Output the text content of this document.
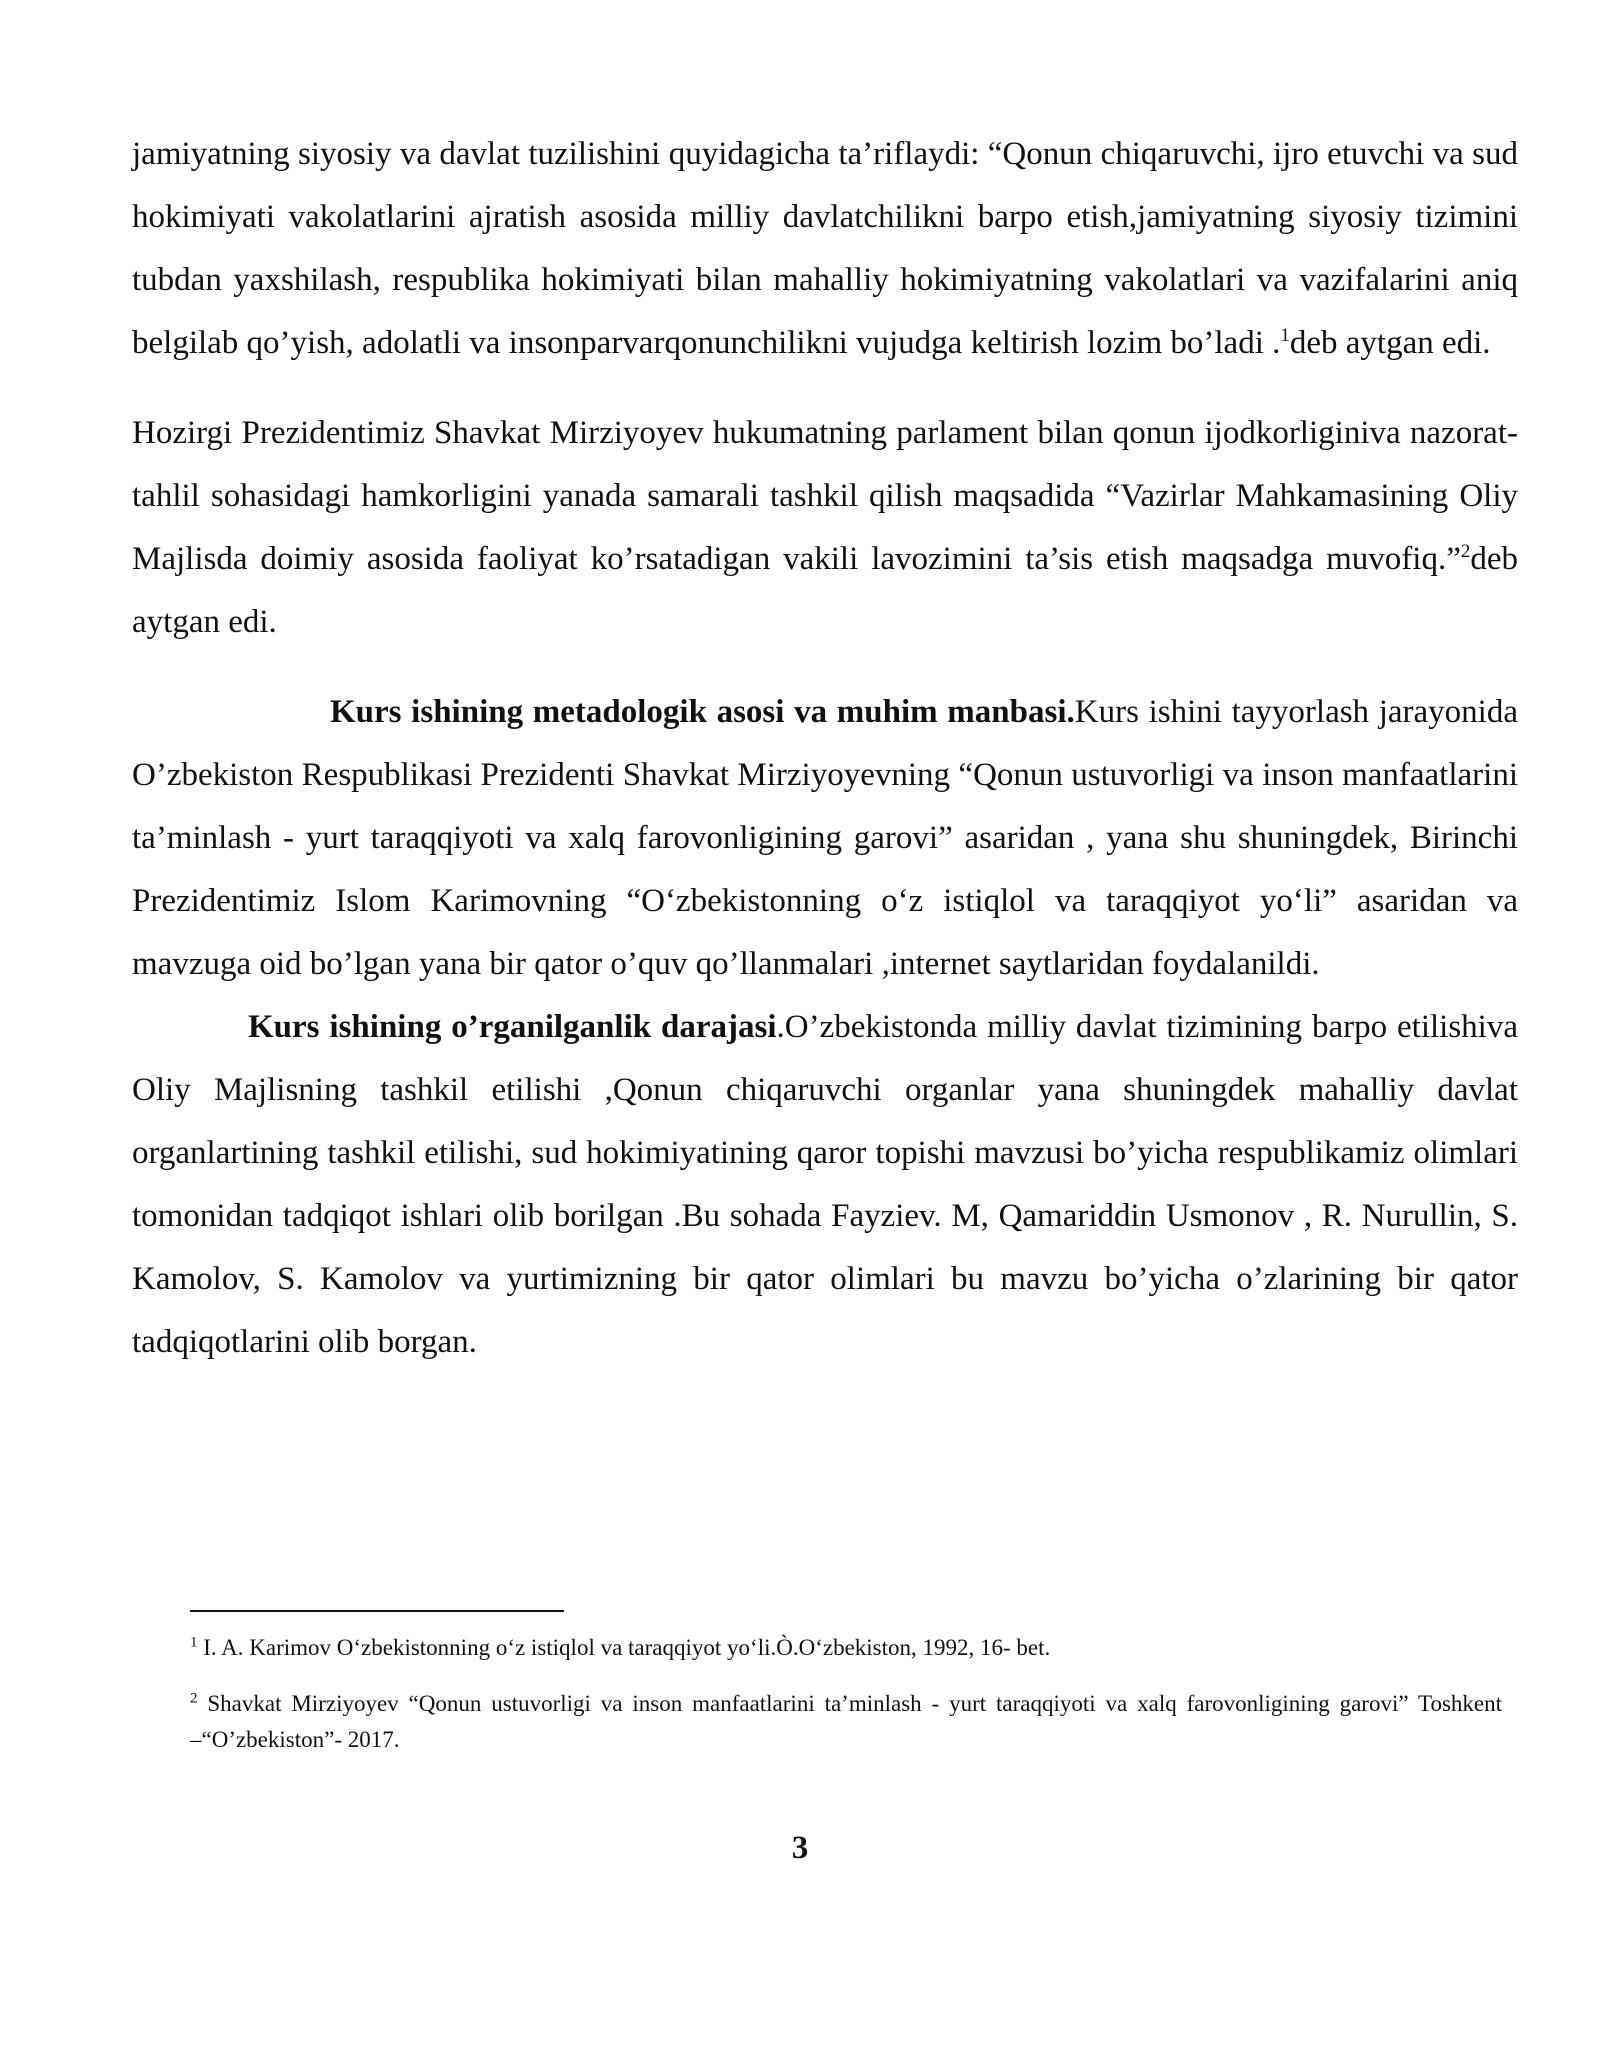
jamiyatning siyosiy va davlat tuzilishini quyidagicha ta’riflaydi: “Qonun chiqaruvchi, ijro etuvchi va sud hokimiyati vakolatlarini ajratish asosida milliy davlatchilikni barpo etish,jamiyatning siyosiy tizimini tubdan yaxshilash, respublika hokimiyati bilan mahalliy hokimiyatning vakolatlari va vazifalarini aniq belgilab qo’yish, adolatli va insonparvarqonunchilikni vujudga keltirish lozim bo’ladi .$^1$deb aytgan edi.

Hozirgi Prezidentimiz Shavkat Mirziyoyev hukumatning parlament bilan qonun ijodkorliginiva nazorat-tahlil sohasidagi hamkorligini yanada samarali tashkil qilish maqsadida “Vazirlar Mahkamasining Oliy Majlisda doimiy asosida faoliyat ko’rsatadigan vakili lavozimini ta’sis etish maqsadga muvofiq.”$^2$deb aytgan edi.

Kurs ishining metadologik asosi va muhim manbasi.Kurs ishini tayyorlash jarayonida O’zbekiston Respublikasi Prezidenti Shavkat Mirziyoyevning “Qonun ustuvorligi va inson manfaatlarini ta’minlash - yurt taraqqiyoti va xalq farovonligining garovi” asaridan , yana shu shuningdek, Birinchi Prezidentimiz Islom Karimovning “O‘zbekistonning o‘z istiqlol va taraqqiyot yo‘li” asaridan va mavzuga oid bo’lgan yana bir qator o’quv qo’llanmalari ,internet saytlaridan foydalanildi.

Kurs ishining o’rganilganlik darajasi.O’zbekistonda milliy davlat tizimining barpo etilishiva Oliy Majlisning tashkil etilishi ,Qonun chiqaruvchi organlar yana shuningdek mahalliy davlat organlartining tashkil etilishi, sud hokimiyatining qaror topishi mavzusi bo’yicha respublikamiz olimlari tomonidan tadqiqot ishlari olib borilgan .Bu sohada Fayziev. M, Qamariddin Usmonov , R. Nurullin, S. Kamolov, S. Kamolov va yurtimizning bir qator olimlari bu mavzu bo’yicha o’zlarining bir qator tadqiqotlarini olib borgan.

$^1$ I. A. Karimov O‘zbekistonning o‘z istiqlol va taraqqiyot yo‘li.Ò.O‘zbekiston, 1992, 16- bet.

$^2$ Shavkat Mirziyoyev “Qonun ustuvorligi va inson manfaatlarini ta’minlash - yurt taraqqiyoti va xalq farovonligining garovi” Toshkent –“O’zbekiston”- 2017.

3
